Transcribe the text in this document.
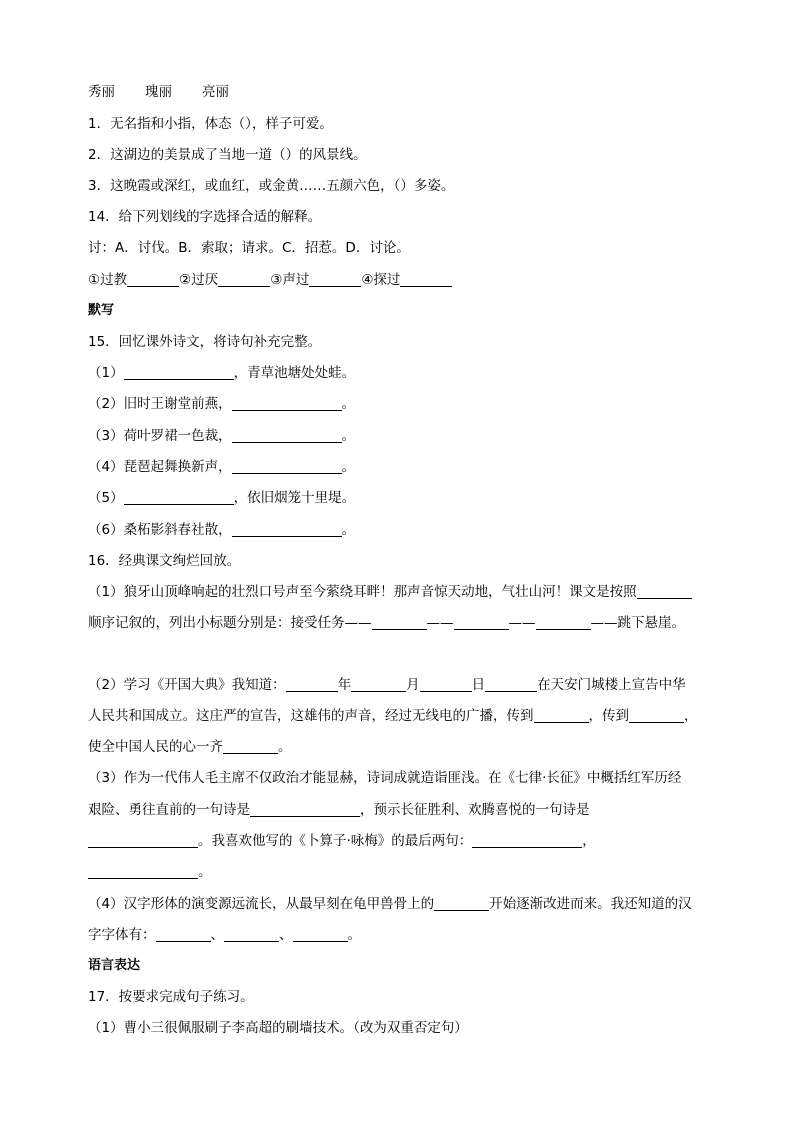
秀丽 瑰丽 亮丽
1．无名指和小指，体态（），样子可爱。
2．这湖边的美景成了当地一道（）的风景线。
3．这晚霞或深红，或血红，或金黄……五颜六色，（）多姿。
14．给下列划线的字选择合适的解释。
讨：A．讨伐。B．索取；请求。C．招惹。D．讨论。
①过教	②过厌	③声过	④探过
默写
15．回忆课外诗文，将诗句补充完整。
（1）	，青草池塘处处蛙。
（2）旧时王谢堂前燕，	。
（3）荷叶罗裙一色裁，	。
（4）琵琶起舞换新声，	。
（5）	，依旧烟笼十里堤。
（6）桑柘影斜春社散，	。
16．经典课文绚烂回放。
（1）狼牙山顶峰响起的壮烈口号声至今萦绕耳畔！那声音惊天动地，气壮山河！课文是按照
顺序记叙的，列出小标题分别是：接受任务——	——	——	——跳下悬崖。
（2）学习《开国大典》我知道：	年	月	日	在天安门城楼上宣告中华
人民共和国成立。这庄严的宣告，这雄伟的声音，经过无线电的广播，传到	，传到	，
使全中国人民的心一齐	。
（3）作为一代伟人毛主席不仅政治才能显赫，诗词成就造诣匪浅。在《七律·长征》中概括红军历经
艰险、勇往直前的一句诗是	，预示长征胜利、欢腾喜悦的一句诗是
。我喜欢他写的《卜算子·咏梅》的最后两句：	，
。
（4）汉字形体的演变源远流长，从最早刻在龟甲兽骨上的	开始逐渐改进而来。我还知道的汉
字字体有：	、	、	。
语言表达
17．按要求完成句子练习。
（1）曹小三很佩服刷子李高超的刷墙技术。（改为双重否定句）
